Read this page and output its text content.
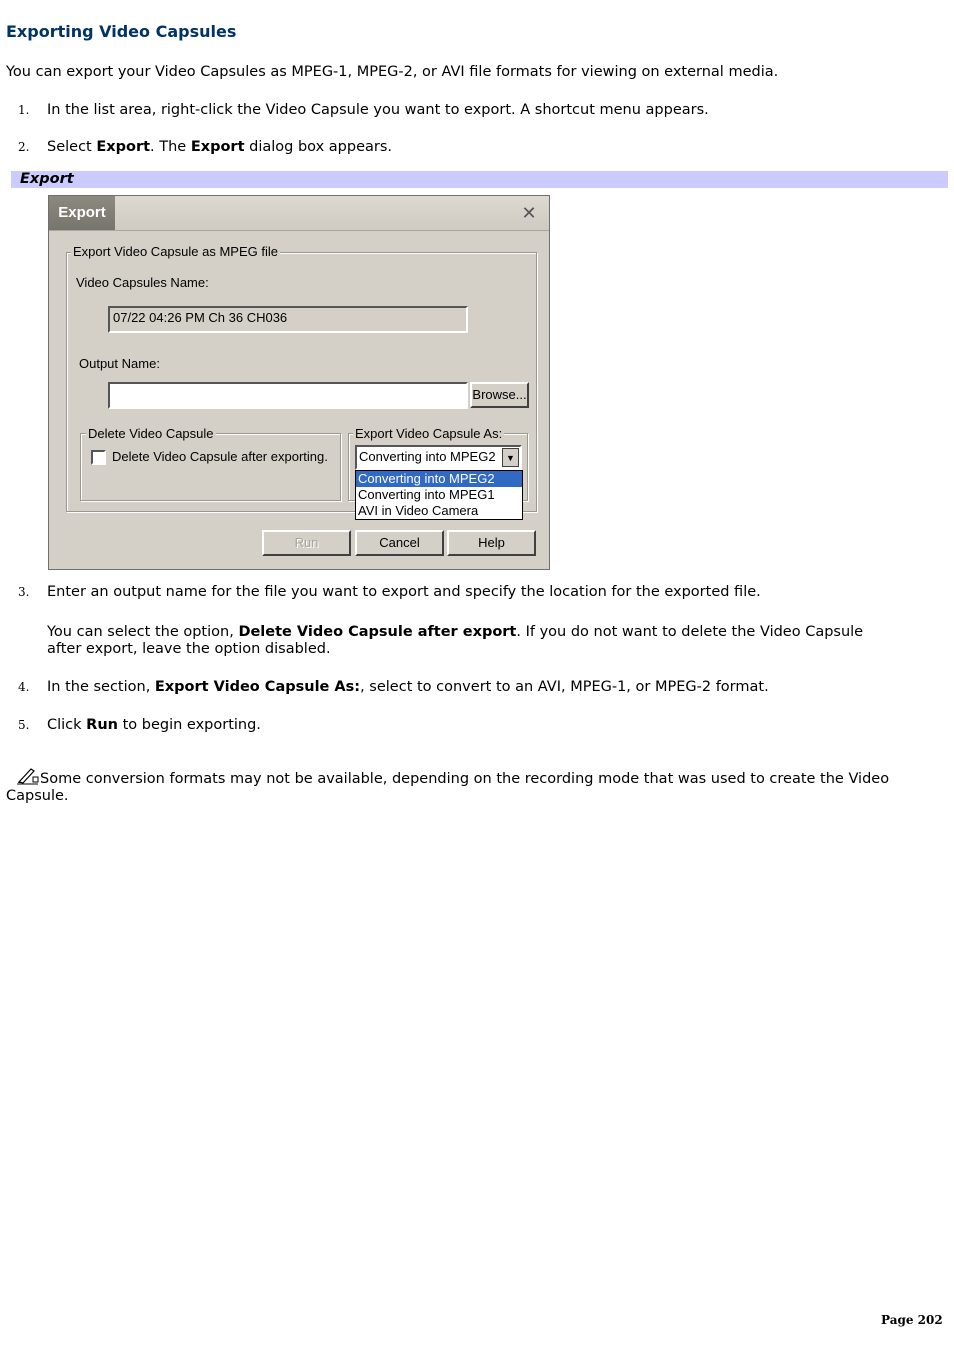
Exporting Video Capsules

You can export your Video Capsules as MPEG-1, MPEG-2, or AVI file formats for viewing on external media.

1. In the list area, right-click the Video Capsule you want to export. A shortcut menu appears.
2. Select Export. The Export dialog box appears.
Export
Export	✕
Export Video Capsule as MPEG file
Video Capsules Name:
07/22 04:26 PM Ch 36 CH036
Output Name:
Browse...
Delete Video Capsule
Delete Video Capsule after exporting.
Export Video Capsule As:
Converting into MPEG2	▼
Converting into MPEG2
Converting into MPEG1
AVI in Video Camera
Run	Cancel	Help
3. Enter an output name for the file you want to export and specify the location for the exported file.
You can select the option, Delete Video Capsule after export. If you do not want to delete the Video Capsule after export, leave the option disabled.
4. In the section, Export Video Capsule As:, select to convert to an AVI, MPEG-1, or MPEG-2 format.
5. Click Run to begin exporting.
Some conversion formats may not be available, depending on the recording mode that was used to create the Video Capsule.
Page 202
